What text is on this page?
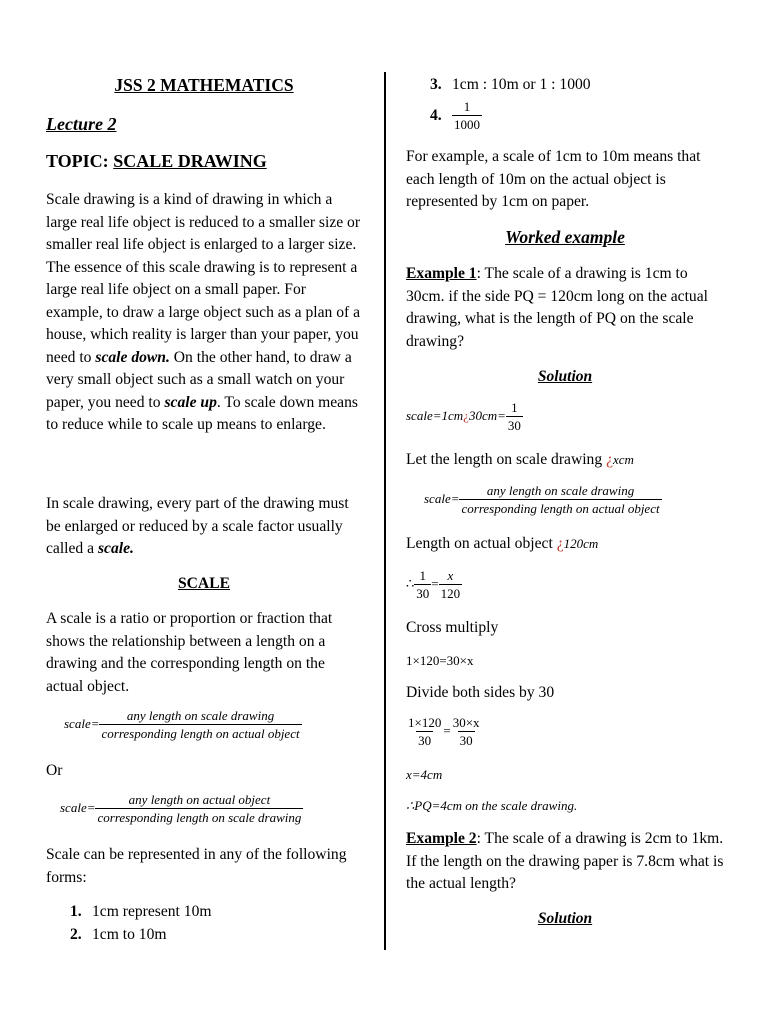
JSS 2 MATHEMATICS

Lecture 2

TOPIC: SCALE DRAWING

Scale drawing is a kind of drawing in which a large real life object is reduced to a smaller size or smaller real life object is enlarged to a larger size. The essence of this scale drawing is to represent a large real life object on a small paper. For example, to draw a large object such as a plan of a house, which reality is larger than your paper, you need to scale down. On the other hand, to draw a very small object such as a small watch on your paper, you need to scale up. To scale down means to reduce while to scale up means to enlarge.

In scale drawing, every part of the drawing must be enlarged or reduced by a scale factor usually called a scale.

SCALE

A scale is a ratio or proportion or fraction that shows the relationship between a length on a drawing and the corresponding length on the actual object.

scale= $\frac{\text{any length on scale drawing}}{\text{corresponding length on actual object}}$

Or

scale= $\frac{\text{any length on actual object}}{\text{corresponding length on scale drawing}}$

Scale can be represented in any of the following forms:

1. 1cm represent 10m
2. 1cm to 10m
3. 1cm : 10m or 1 : 1000
4. $\frac{1}{1000}$

For example, a scale of 1cm to 10m means that each length of 10m on the actual object is represented by 1cm on paper.

Worked example

Example 1: The scale of a drawing is 1cm to 30cm. if the side PQ = 120cm long on the actual drawing, what is the length of PQ on the scale drawing?

Solution

scale=1cm ¿ $30cm= \frac{1}{30}$

Let the length on scale drawing ¿xcm

scale= $\frac{\text{any length on scale drawing}}{\text{corresponding length on actual object}}$

Length on actual object ¿120cm

∴ $\frac{1}{30} = \frac{x}{120}$

Cross multiply

1×120=30×x

Divide both sides by 30

$\frac{1\times 120}{30} = \frac{30\times x}{30}$

x=4cm

∴PQ=4cm on the scale drawing.

Example 2: The scale of a drawing is 2cm to 1km. If the length on the drawing paper is 7.8cm what is the actual length?

Solution
